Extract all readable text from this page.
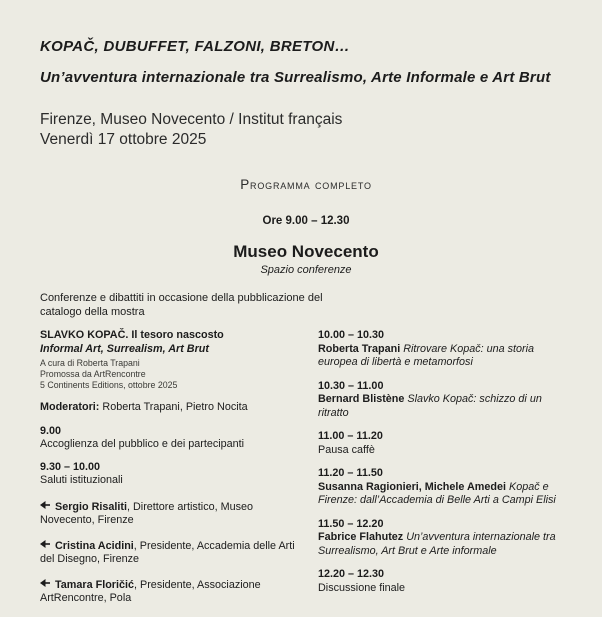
KOPAČ, DUBUFFET, FALZONI, BRETON…
Un’avventura internazionale tra Surrealismo, Arte Informale e Art Brut
Firenze, Museo Novecento / Institut français
Venerdì 17 ottobre 2025
Programma completo
Ore 9.00 – 12.30
Museo Novecento
Spazio conferenze
Conferenze e dibattiti in occasione della pubblicazione del catalogo della mostra
SLAVKO KOPAČ. Il tesoro nascosto
Informal Art, Surrealism, Art Brut
A cura di Roberta Trapani
Promossa da ArtRencontre
5 Continents Editions, ottobre 2025
Moderatori: Roberta Trapani, Pietro Nocita
9.00
Accoglienza del pubblico e dei partecipanti
9.30 – 10.00
Saluti istituzionali
Sergio Risaliti, Direttore artistico, Museo Novecento, Firenze
Cristina Acidini, Presidente, Accademia delle Arti del Disegno, Firenze
Tamara Floričić, Presidente, Associazione ArtRencontre, Pola
10.00 – 10.30
Roberta Trapani Ritrovare Kopač: una storia europea di libertà e metamorfosi
10.30 – 11.00
Bernard Blistène Slavko Kopač: schizzo di un ritratto
11.00 – 11.20
Pausa caffè
11.20 – 11.50
Susanna Ragionieri, Michele Amedei Kopač e Firenze: dall’Accademia di Belle Arti a Campi Elisi
11.50 – 12.20
Fabrice Flahutez Un’avventura internazionale tra Surrealismo, Art Brut e Arte informale
12.20 – 12.30
Discussione finale
